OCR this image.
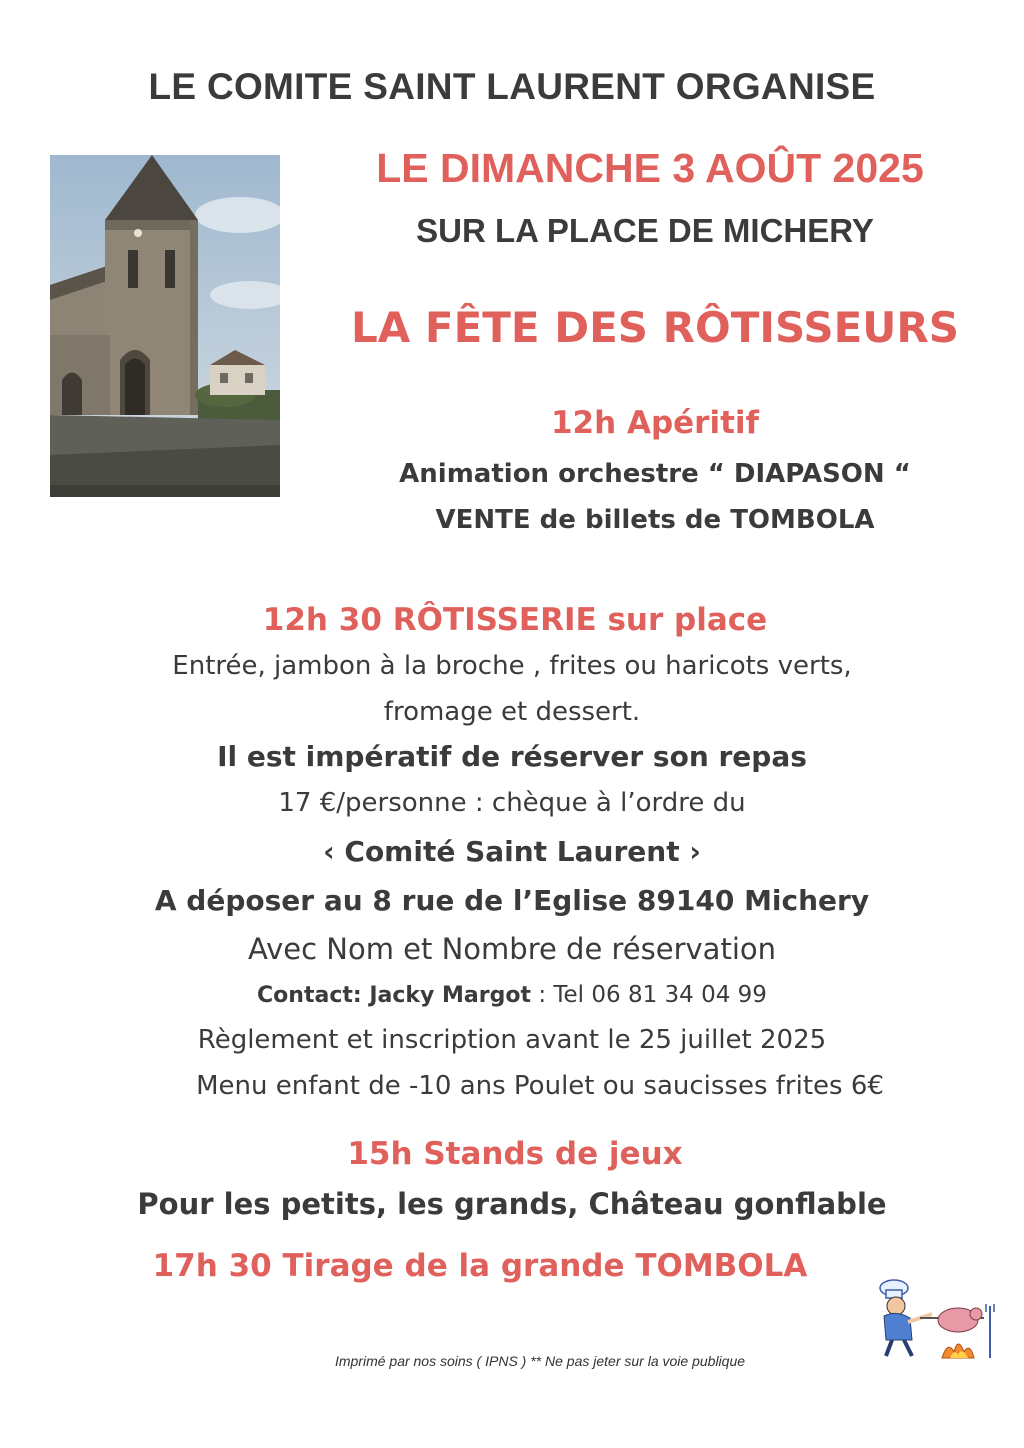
LE COMITE SAINT LAURENT ORGANISE
LE DIMANCHE 3 AOÛT 2025
SUR LA PLACE DE MICHERY
LA FÊTE DES RÔTISSEURS
12h Apéritif
Animation orchestre “ DIAPASON “
VENTE de billets de TOMBOLA
12h 30 RÔTISSERIE sur place
Entrée, jambon à la broche , frites ou haricots verts,
fromage et dessert.
Il est impératif de réserver son repas
17 €/personne : chèque à l’ordre du
‹ Comité Saint Laurent ›
A déposer au 8 rue de l’Eglise 89140 Michery
Avec Nom et Nombre de réservation
Contact: Jacky Margot : Tel 06 81 34 04 99
Règlement et inscription avant le 25 juillet 2025
Menu enfant de -10 ans Poulet ou saucisses frites 6€
15h Stands de jeux
Pour les petits, les grands, Château gonflable
17h 30 Tirage de la grande TOMBOLA
Imprimé par nos soins ( IPNS ) ** Ne pas jeter sur la voie publique
